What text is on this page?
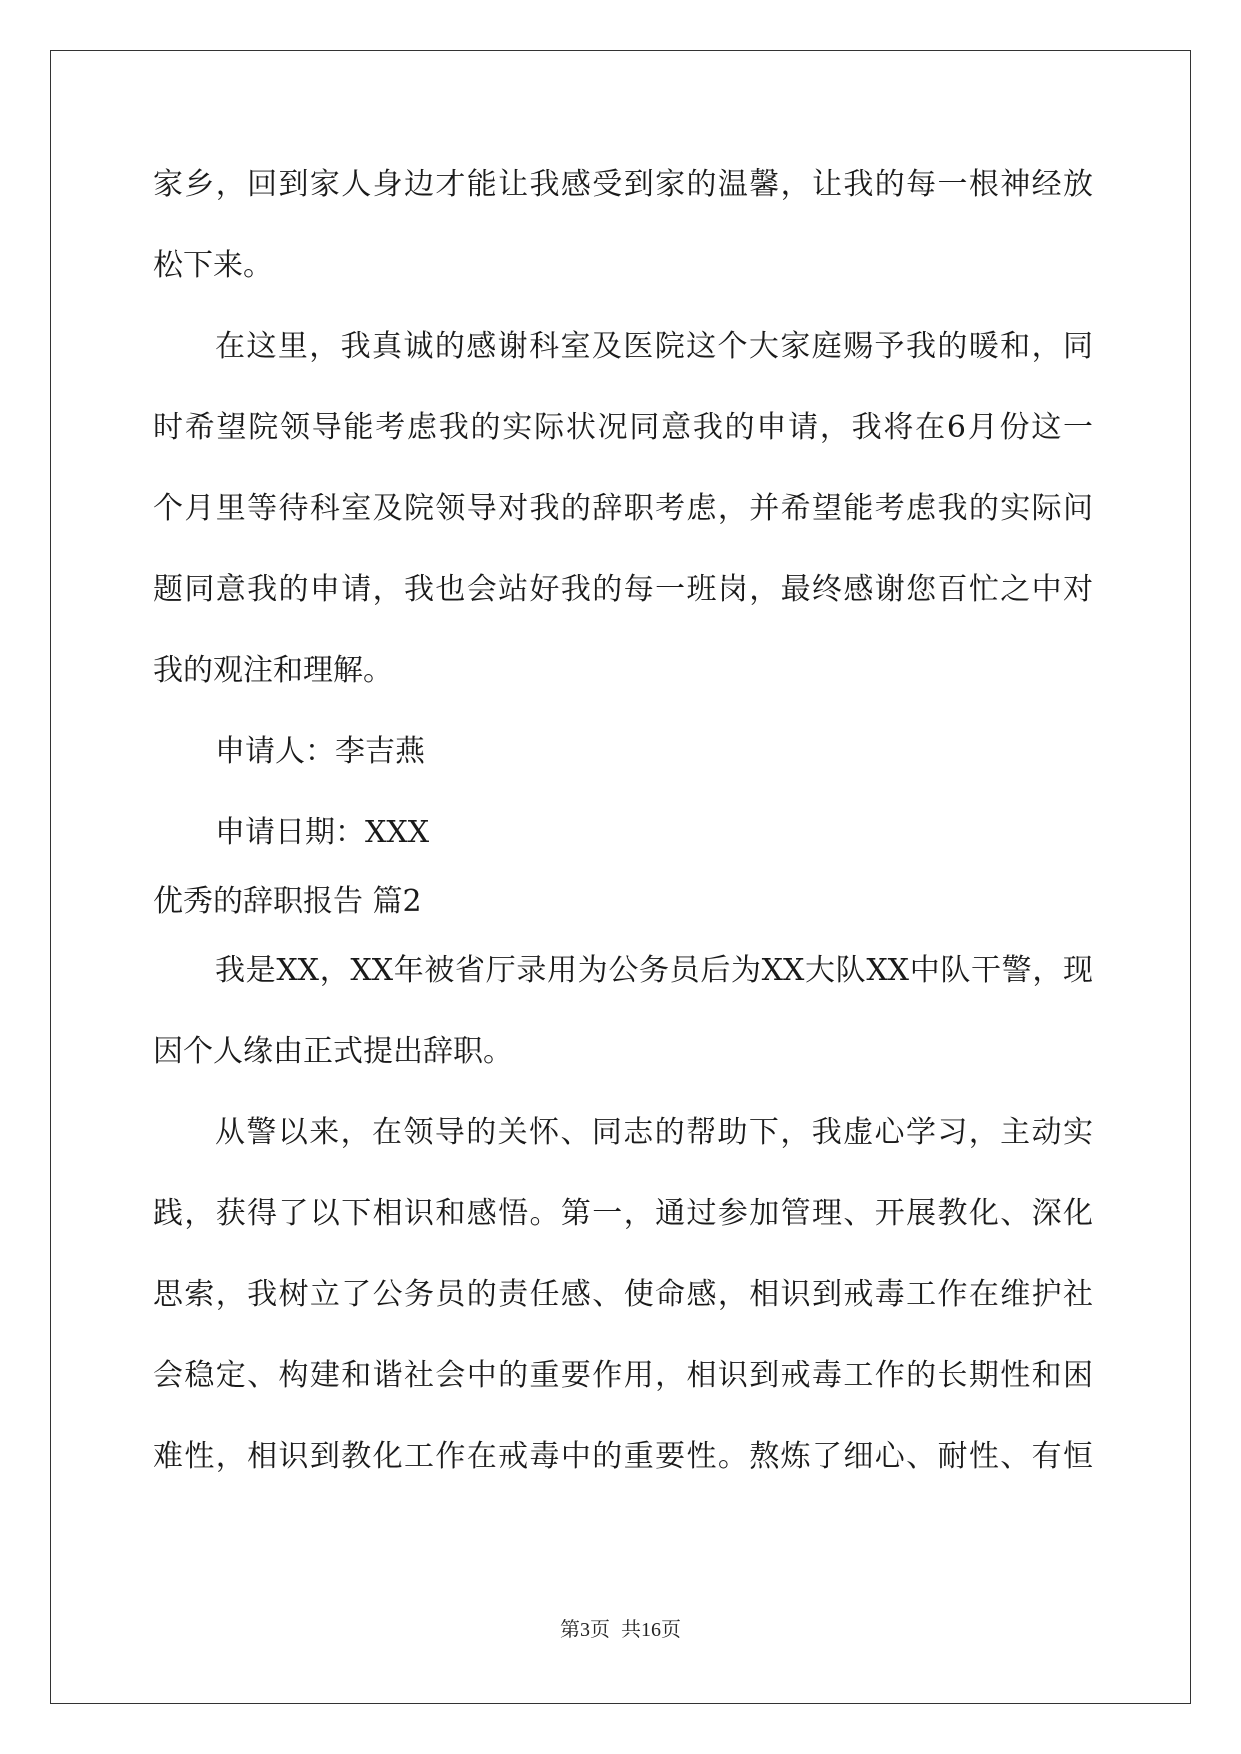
家乡，回到家人身边才能让我感受到家的温馨，让我的每一根神经放
松下来。
在这里，我真诚的感谢科室及医院这个大家庭赐予我的暖和，同
时希望院领导能考虑我的实际状况同意我的申请，我将在6月份这一
个月里等待科室及院领导对我的辞职考虑，并希望能考虑我的实际问
题同意我的申请，我也会站好我的每一班岗，最终感谢您百忙之中对
我的观注和理解。
申请人：李吉燕
申请日期：XXX
优秀的辞职报告 篇2
我是XX，XX年被省厅录用为公务员后为XX大队XX中队干警，现
因个人缘由正式提出辞职。
从警以来，在领导的关怀、同志的帮助下，我虚心学习，主动实
践，获得了以下相识和感悟。第一，通过参加管理、开展教化、深化
思索，我树立了公务员的责任感、使命感，相识到戒毒工作在维护社
会稳定、构建和谐社会中的重要作用，相识到戒毒工作的长期性和困
难性，相识到教化工作在戒毒中的重要性。熬炼了细心、耐性、有恒
第3页 共16页
